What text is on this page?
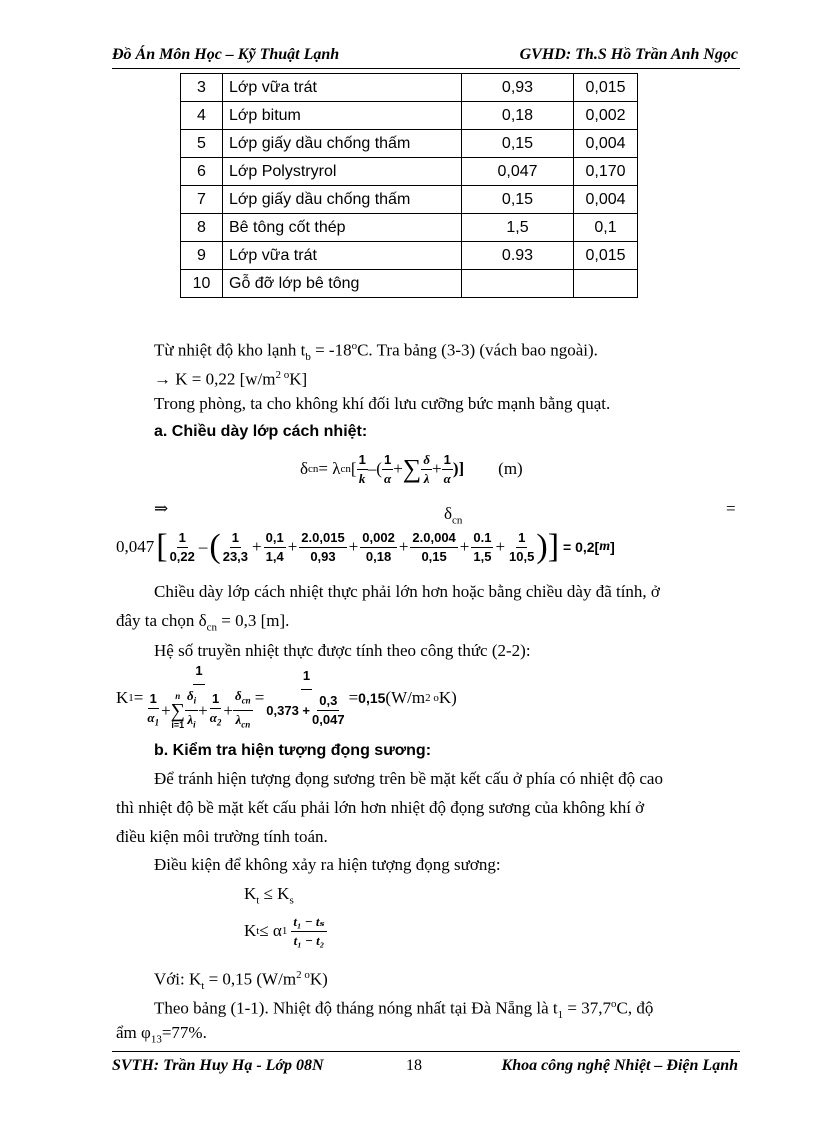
Đồ Án Môn Học – Kỹ Thuật Lạnh	GVHD: Th.S Hồ Trần Anh Ngọc
3	Lớp vữa trát	0,93	0,015
4	Lớp bitum	0,18	0,002
5	Lớp giấy dầu chống thấm	0,15	0,004
6	Lớp Polystryrol	0,047	0,170
7	Lớp giấy dầu chống thấm	0,15	0,004
8	Bê tông cốt thép	1,5	0,1
9	Lớp vữa trát	0.93	0,015
10	Gỗ đỡ lớp bê tông		
Từ nhiệt độ kho lạnh $t_b = -18^oC$. Tra bảng (3-3) (vách bao ngoài).
→ K = 0,22 $[w/m^{2 o}K]$
Trong phòng, ta cho không khí đối lưu cưỡng bức mạnh bằng quạt.
a. Chiều dày lớp cách nhiệt:
δ cn = λ cn [ $\frac{1}{k}$ –( $\frac{1}{\alpha}$ + ∑ $\frac{\delta}{\lambda} + \frac{1}{\alpha}$ )] (m)
⇒	$\delta_{cn}$
=
0,047 [ $\frac{1}{0,22}$ – ( $\frac{1}{23,3} + \frac{0,1}{1,4} + \frac{2.0,015}{0,93} + \frac{0,002}{0,18} + \frac{2.0,004}{0,15} + \frac{0.1}{1,5} + \frac{1}{10,5}$ ) ] = 0,2[ m ]
Chiều dày lớp cách nhiệt thực phải lớn hơn hoặc bằng chiều dày đã tính, ở
đây ta chọn $\delta_{cn} = 0,3$ [m].
Hệ số truyền nhiệt thực được tính theo công thức (2-2):
K 1 =
1
$\frac{1}{\alpha_1}$ +
n
∑
$i=1 \frac{\delta_i}{\lambda_i} + \frac{1}{\alpha_2} + \frac{\delta_{cn}}{\lambda_{cn}} = \frac{1}{0,373 + \frac{0,3}{0,047}} = 0,15$ (W/m 2 o K)
b. Kiểm tra hiện tượng đọng sương:
Để tránh hiện tượng đọng sương trên bề mặt kết cấu ở phía có nhiệt độ cao
thì nhiệt độ bề mặt kết cấu phải lớn hơn nhiệt độ đọng sương của không khí ở
điều kiện môi trường tính toán.
Điều kiện để không xảy ra hiện tượng đọng sương:
$K_t \le K_s$
K t ≤ α $1 \frac{\text{t₁ − tₛ}}{\text{t₁ − t₂}}$
Với: $K_t = 0,15$ $(W/m^{2 o}K)$
Theo bảng (1-1). Nhiệt độ tháng nóng nhất tại Đà Nẵng là $t_1 = 37,7^oC$, độ
ẩm $\varphi_{13}=77\%$.
SVTH: Trần Huy Hạ - Lớp 08N	18	Khoa công nghệ Nhiệt – Điện Lạnh
